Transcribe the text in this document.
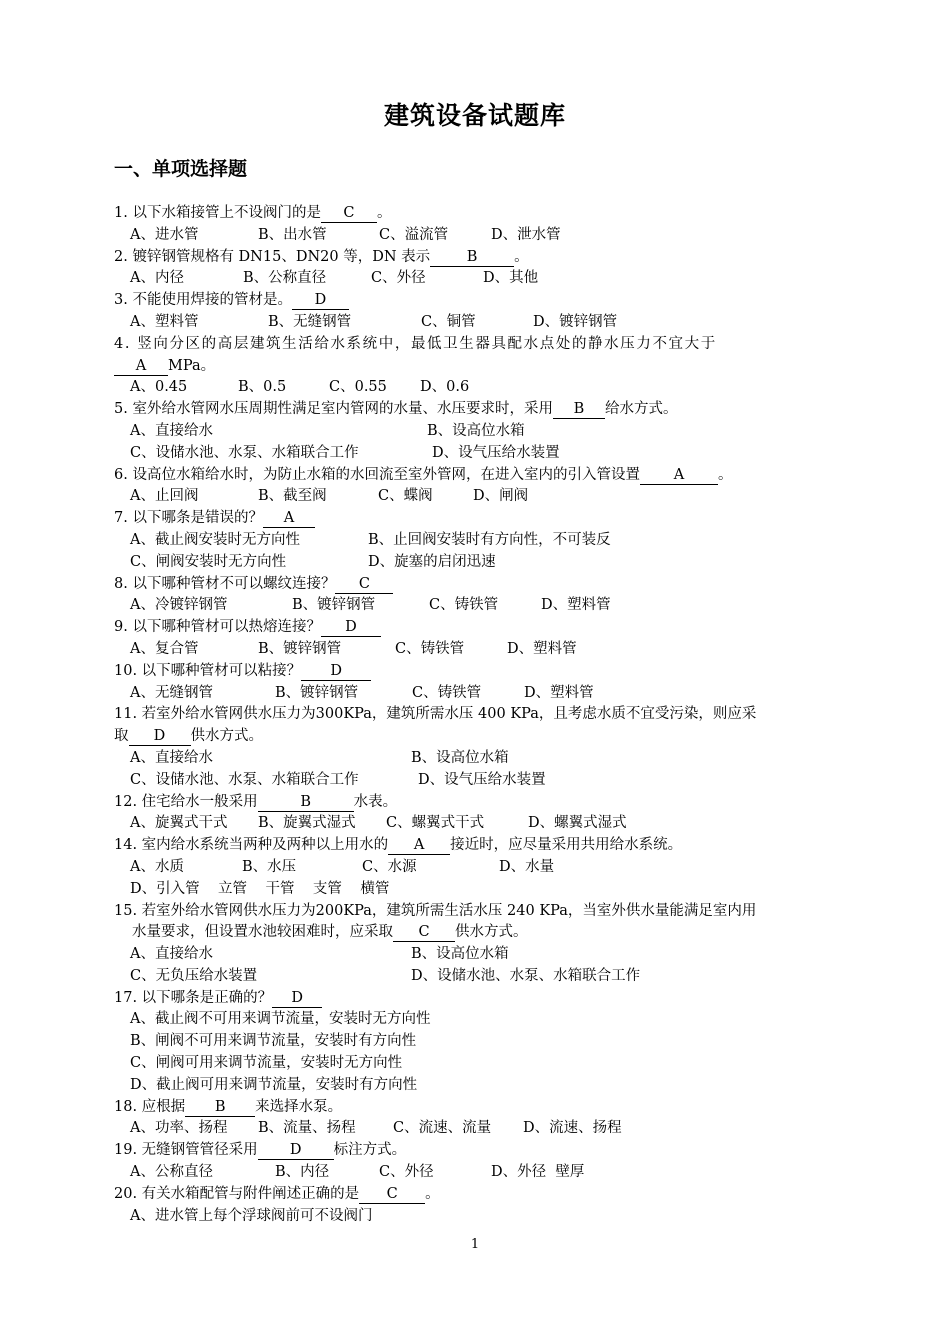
建筑设备试题库
一、单项选择题
1. 以下水箱接管上不设阀门的是 C 。
A、进水管	B、出水管	C、溢流管	D、泄水管
2. 镀锌钢管规格有 DN15、DN20 等，DN 表示	B	。
A、内径	B、公称直径	C、外径	D、其他
3. 不能使用焊接的管材是。 D
A、塑料管	B、无缝钢管	C、铜管	D、镀锌钢管
4. 竖向分区的高层建筑生活给水系统中，最低卫生器具配水点处的静水压力不宜大于
A MPa。
A、0.45	B、0.5	C、0.55	D、0.6
5. 室外给水管网水压周期性满足室内管网的水量、水压要求时，采用 B 给水方式。
A、直接给水	B、设高位水箱
C、设储水池、水泵、水箱联合工作	D、设气压给水装置
6. 设高位水箱给水时，为防止水箱的水回流至室外管网，在进入室内的引入管设置 A 。
A、止回阀	B、截至阀	C、蝶阀	D、闸阀
7. 以下哪条是错误的？ A
A、截止阀安装时无方向性	B、止回阀安装时有方向性，不可装反
C、闸阀安装时无方向性	D、旋塞的启闭迅速
8. 以下哪种管材不可以螺纹连接？ C
A、冷镀锌钢管	B、镀锌钢管	C、铸铁管	D、塑料管
9. 以下哪种管材可以热熔连接？ D
A、复合管	B、镀锌钢管	C、铸铁管	D、塑料管
10. 以下哪种管材可以粘接？ D
A、无缝钢管	B、镀锌钢管	C、铸铁管	D、塑料管
11. 若室外给水管网供水压力为300KPa，建筑所需水压 400 KPa，且考虑水质不宜受污染，则应采
取 D 供水方式。
A、直接给水	B、设高位水箱
C、设储水池、水泵、水箱联合工作	D、设气压给水装置
12. 住宅给水一般采用	B	水表。
A、旋翼式干式	B、旋翼式湿式	C、螺翼式干式	D、螺翼式湿式
14. 室内给水系统当两种及两种以上用水的 A 接近时，应尽量采用共用给水系统。
A、水质	B、水压	C、水源	D、水量
D、引入管    立管    干管    支管    横管
15. 若室外给水管网供水压力为200KPa，建筑所需生活水压 240 KPa，当室外供水量能满足室内用
水量要求，但设置水池较困难时，应采取 C 供水方式。
A、直接给水	B、设高位水箱
C、无负压给水装置	D、设储水池、水泵、水箱联合工作
17. 以下哪条是正确的？ D
A、截止阀不可用来调节流量，安装时无方向性
B、闸阀不可用来调节流量，安装时有方向性
C、闸阀可用来调节流量，安装时无方向性
D、截止阀可用来调节流量，安装时有方向性
18. 应根据 B 来选择水泵。
A、功率、扬程	B、流量、扬程	C、流速、流量	D、流速、扬程
19. 无缝钢管管径采用 D 标注方式。
A、公称直径	B、内径	C、外径	D、外径  壁厚
20. 有关水箱配管与附件阐述正确的是 C 。
A、进水管上每个浮球阀前可不设阀门
1
